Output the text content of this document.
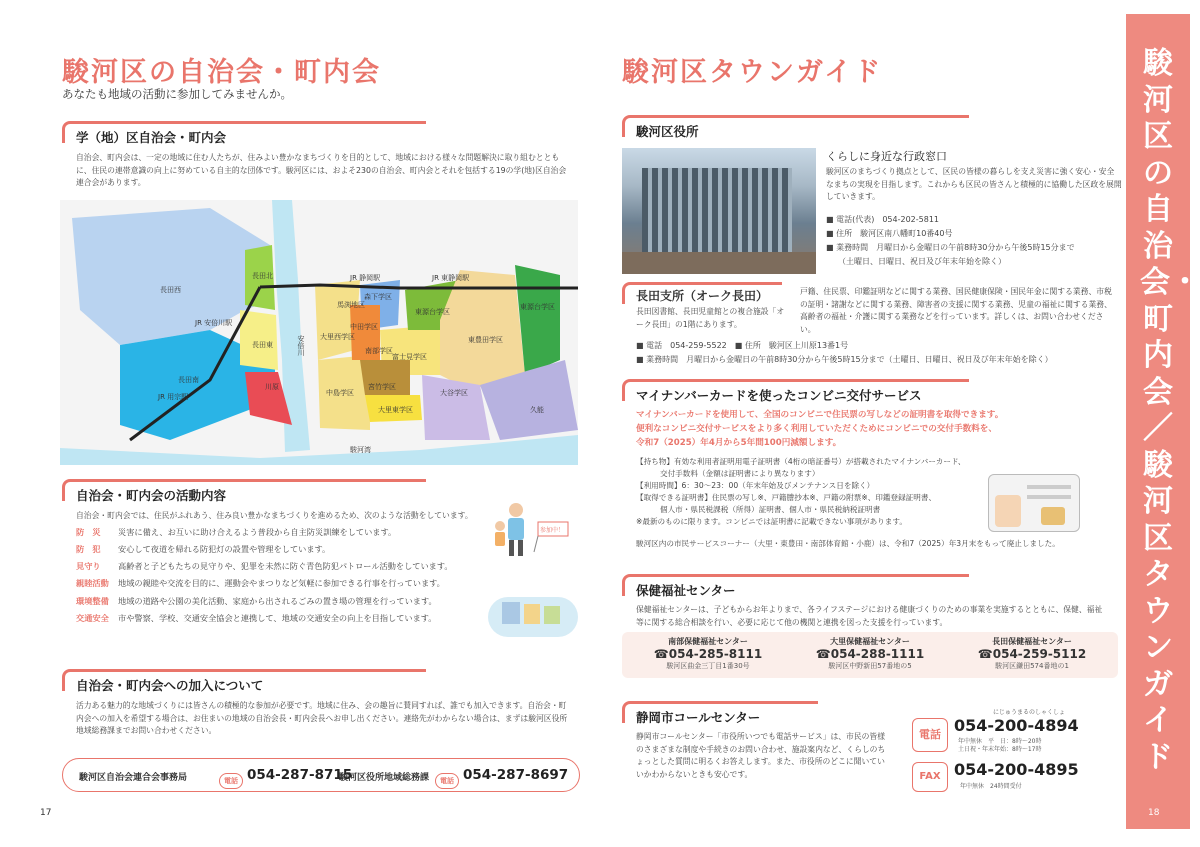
駿河区の自治会・町内会
あなたも地域の活動に参加してみませんか。
学（地）区自治会・町内会
自治会、町内会は、一定の地域に住む人たちが、住みよい豊かなまちづくりを目的として、地域における様々な問題解決に取り組むとともに、住民の連帯意識の向上に努めている自主的な団体です。駿河区には、およそ230の自治会、町内会とそれを包括する19の学(地)区自治会連合会があります。
JR 静岡駅	JR 東静岡駅
JR 安倍川駅
JR 用宗駅
長田西
長田北
長田南
長田東
川原
森下学区
東源台学区
大里西学区
中田学区
南部学区
富士見学区
中島学区
宮竹学区
大里東学区
東豊田学区
東源台学区
大谷学区
久能
馬渕地区
駿河湾
安倍川
自治会・町内会の活動内容
自治会・町内会では、住民がふれあう、住み良い豊かなまちづくりを進めるため、次のような活動をしています。
防　災 災害に備え、お互いに助け合えるよう普段から自主防災訓練をしています。
防　犯 安心して夜道を帰れる防犯灯の設置や管理をしています。
見守り 高齢者と子どもたちの見守りや、犯罪を未然に防ぐ青色防犯パトロール活動をしています。
親睦活動 地域の親睦や交流を目的に、運動会やまつりなど気軽に参加できる行事を行っています。
環境整備 地域の道路や公園の美化活動、家庭から出されるごみの置き場の管理を行っています。
交通安全 市や警察、学校、交通安全協会と連携して、地域の交通安全の向上を目指しています。
参加中！
自治会・町内会への加入について
活力ある魅力的な地域づくりには皆さんの積極的な参加が必要です。地域に住み、会の趣旨に賛同すれば、誰でも加入できます。自治会・町内会への加入を希望する場合は、お住まいの地域の自治会長・町内会長へお申し出ください。連絡先がわからない場合は、まずは駿河区役所地域総務課までお問い合わせください。
駿河区自治会連合会事務局	電話 054-287-8715
駿河区役所地域総務課	電話 054-287-8697
17
駿河区タウンガイド
駿河区役所
くらしに身近な行政窓口
駿河区のまちづくり拠点として、区民の皆様の暮らしを支え災害に強く安心・安全なまちの実現を目指します。これからも区民の皆さんと積極的に協働した区政を展開していきます。
■ 電話(代表)　054-202-5811
■ 住所　駿河区南八幡町10番40号
■ 業務時間　月曜日から金曜日の午前8時30分から午後5時15分まで
（土曜日、日曜日、祝日及び年末年始を除く）
長田支所（オーク長田）
長田図書館、長田児童館との複合施設「オーク長田」の1階にあります。
戸籍、住民票、印鑑証明などに関する業務、国民健康保険・国民年金に関する業務、市税の証明・諸謝などに関する業務、障害者の支援に関する業務、児童の福祉に関する業務、高齢者の福祉・介護に関する業務などを行っています。詳しくは、お問い合わせください。
■ 電話　054-259-5522　■ 住所　駿河区上川原13番1号
■ 業務時間　月曜日から金曜日の午前8時30分から午後5時15分まで（土曜日、日曜日、祝日及び年末年始を除く）
マイナンバーカードを使ったコンビニ交付サービス
マイナンバーカードを使用して、全国のコンビニで住民票の写しなどの証明書を取得できます。
便利なコンビニ交付サービスをより多く利用していただくためにコンビニでの交付手数料を、
令和7（2025）年4月から5年間100円減額します。
【持ち物】有効な利用者証明用電子証明書（4桁の暗証番号）が搭載されたマイナンバーカード、
交付手数料（金額は証明書により異なります）
【利用時間】6：30～23：00（年末年始及びメンテナンス日を除く）
【取得できる証明書】住民票の写し※、戸籍謄抄本※、戸籍の附票※、印鑑登録証明書、
個人市・県民税課税（所得）証明書、個人市・県民税納税証明書
※最新のものに限ります。コンビニでは証明書に記載できない事項があります。
駿河区内の市民サービスコーナー（大里・東豊田・南部体育館・小鹿）は、令和7（2025）年3月末をもって廃止しました。
保健福祉センター
保健福祉センターは、子どもからお年よりまで、各ライフステージにおける健康づくりのための事業を実施するとともに、保健、福祉等に関する総合相談を行い、必要に応じて他の機関と連携を図った支援を行っています。
南部保健福祉センター
☎054-285-8111
駿河区曲金三丁目1番30号
大里保健福祉センター
☎054-288-1111
駿河区中野新田57番地の5
長田保健福祉センター
☎054-259-5112
駿河区鎌田574番地の1
静岡市コールセンター
静岡市コールセンター「市役所いつでも電話サービス」は、市民の皆様のさまざまな制度や手続きのお問い合わせ、施設案内など、くらしのちょっとした質問に明るくお答えします。また、市役所のどこに聞いていいかわからないときも安心です。
電話
にじゅうまるのしゃくしょ
054-200-4894
年中無休　平　日：8時～20時
土日祝・年末年始：8時～17時
FAX 054-200-4895
年中無休　24時間受付
駿河区の自治会・町内会／駿河区タウンガイド
18
